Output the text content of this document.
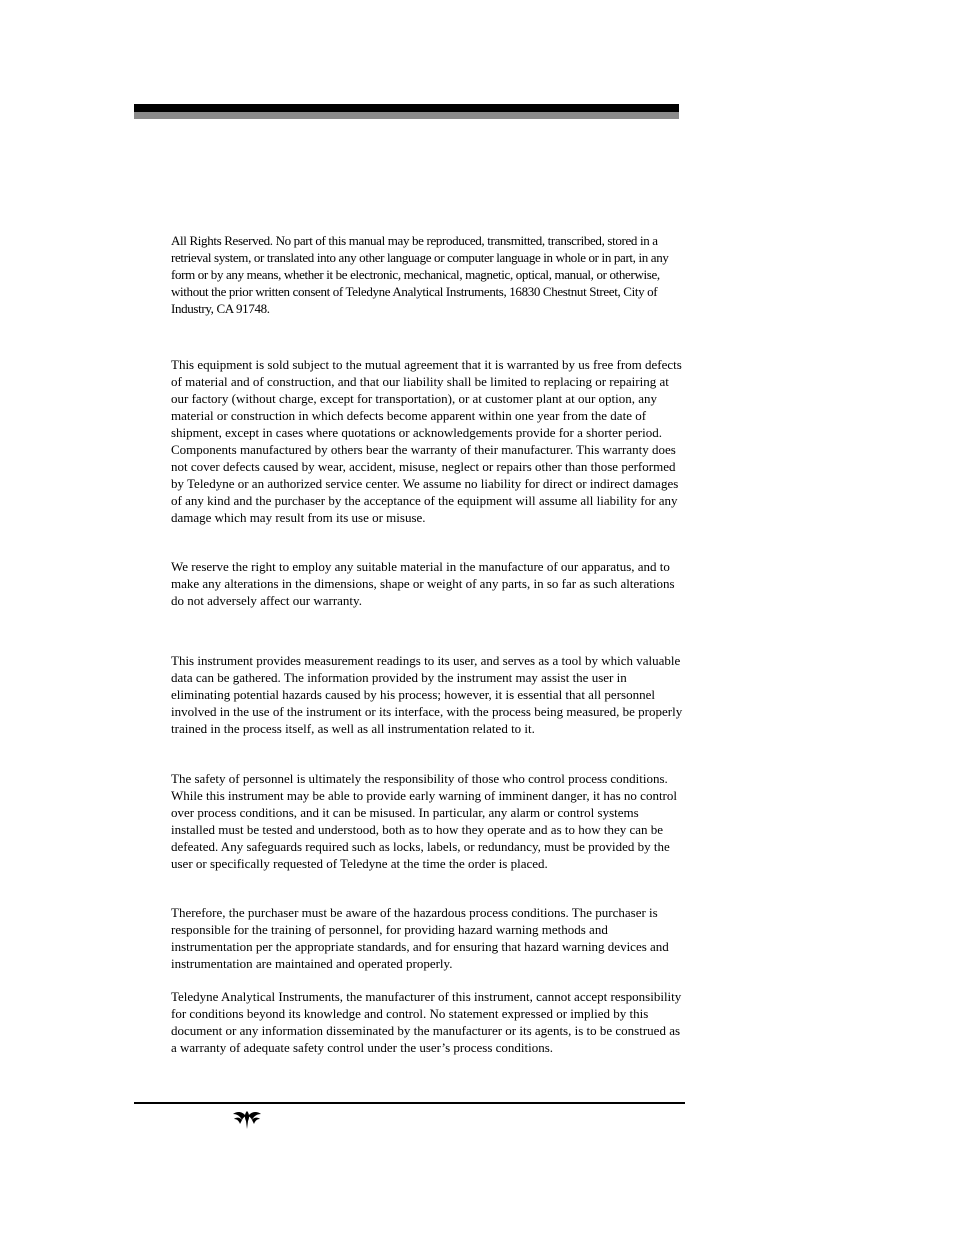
All Rights Reserved. No part of this manual may be reproduced, transmitted, transcribed, stored in a retrieval system, or translated into any other language or computer language in whole or in part, in any form or by any means, whether it be electronic, mechanical, magnetic, optical, manual, or otherwise, without the prior written consent of Teledyne Analytical Instruments, 16830 Chestnut Street, City of Industry, CA 91748.

This equipment is sold subject to the mutual agreement that it is warranted by us free from defects of material and of construction, and that our liability shall be limited to replacing or repairing at our factory (without charge, except for transportation), or at customer plant at our option, any material or construction in which defects become apparent within one year from the date of shipment, except in cases where quotations or acknowledgements provide for a shorter period. Components manufactured by others bear the warranty of their manufacturer. This warranty does not cover defects caused by wear, accident, misuse, neglect or repairs other than those performed by Teledyne or an authorized service center. We assume no liability for direct or indirect damages of any kind and the purchaser by the acceptance of the equipment will assume all liability for any damage which may result from its use or misuse.

We reserve the right to employ any suitable material in the manufacture of our apparatus, and to make any alterations in the dimensions, shape or weight of any parts, in so far as such alterations do not adversely affect our warranty.

This instrument provides measurement readings to its user, and serves as a tool by which valuable data can be gathered. The information provided by the instrument may assist the user in eliminating potential hazards caused by his process; however, it is essential that all personnel involved in the use of the instrument or its interface, with the process being measured, be properly trained in the process itself, as well as all instrumentation related to it.

The safety of personnel is ultimately the responsibility of those who control process conditions. While this instrument may be able to provide early warning of imminent danger, it has no control over process conditions, and it can be misused. In particular, any alarm or control systems installed must be tested and understood, both as to how they operate and as to how they can be defeated. Any safeguards required such as locks, labels, or redundancy, must be provided by the user or specifically requested of Teledyne at the time the order is placed.

Therefore, the purchaser must be aware of the hazardous process conditions. The purchaser is responsible for the training of personnel, for providing hazard warning methods and instrumentation per the appropriate standards, and for ensuring that hazard warning devices and instrumentation are maintained and operated properly.

Teledyne Analytical Instruments, the manufacturer of this instrument, cannot accept responsibility for conditions beyond its knowledge and control. No statement expressed or implied by this document or any information disseminated by the manufacturer or its agents, is to be construed as a warranty of adequate safety control under the user’s process conditions.
